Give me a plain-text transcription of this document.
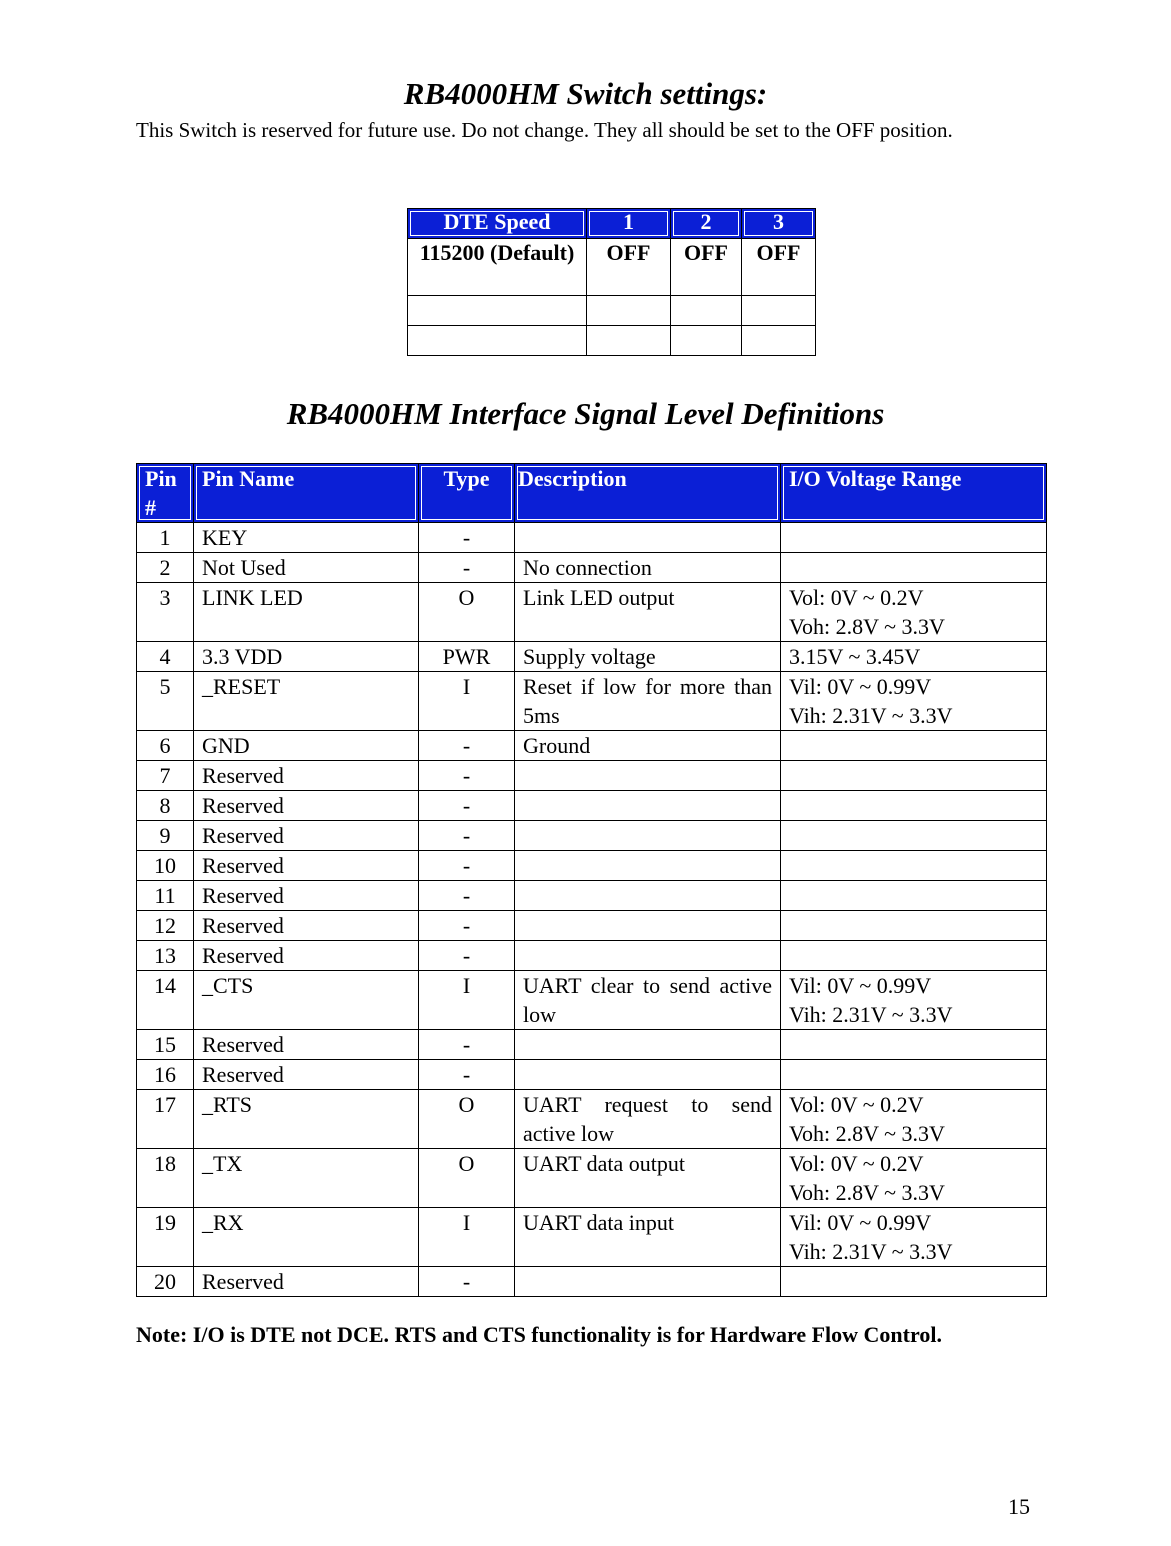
RB4000HM Switch settings:
This Switch is reserved for future use. Do not change. They all should be set to the OFF position.
DTE Speed	1	2	3
115200 (Default)	OFF	OFF	OFF

RB4000HM Interface Signal Level Definitions
Pin #	Pin Name	Type	Description	I/O Voltage Range
1	KEY	-		

2	Not Used	-	No connection	

3	LINK LED	O	Link LED output	Vol: 0V ~ 0.2V
Voh: 2.8V ~ 3.3V

4	3.3 VDD	PWR	Supply voltage	3.15V ~ 3.45V

5	_RESET	I	Reset if low for more than 5ms	Vil: 0V ~ 0.99V
Vih: 2.31V ~ 3.3V

6	GND	-	Ground	

7	Reserved	-		

8	Reserved	-		

9	Reserved	-		

10	Reserved	-		

11	Reserved	-		

12	Reserved	-		

13	Reserved	-		

14	_CTS	I	UART clear to send active low	Vil: 0V ~ 0.99V
Vih: 2.31V ~ 3.3V

15	Reserved	-		

16	Reserved	-		

17	_RTS	O	UART request to send active low	Vol: 0V ~ 0.2V
Voh: 2.8V ~ 3.3V

18	_TX	O	UART data output	Vol: 0V ~ 0.2V
Voh: 2.8V ~ 3.3V

19	_RX	I	UART data input	Vil: 0V ~ 0.99V
Vih: 2.31V ~ 3.3V

20	Reserved	-		
Note: I/O is DTE not DCE. RTS and CTS functionality is for Hardware Flow Control.
15
